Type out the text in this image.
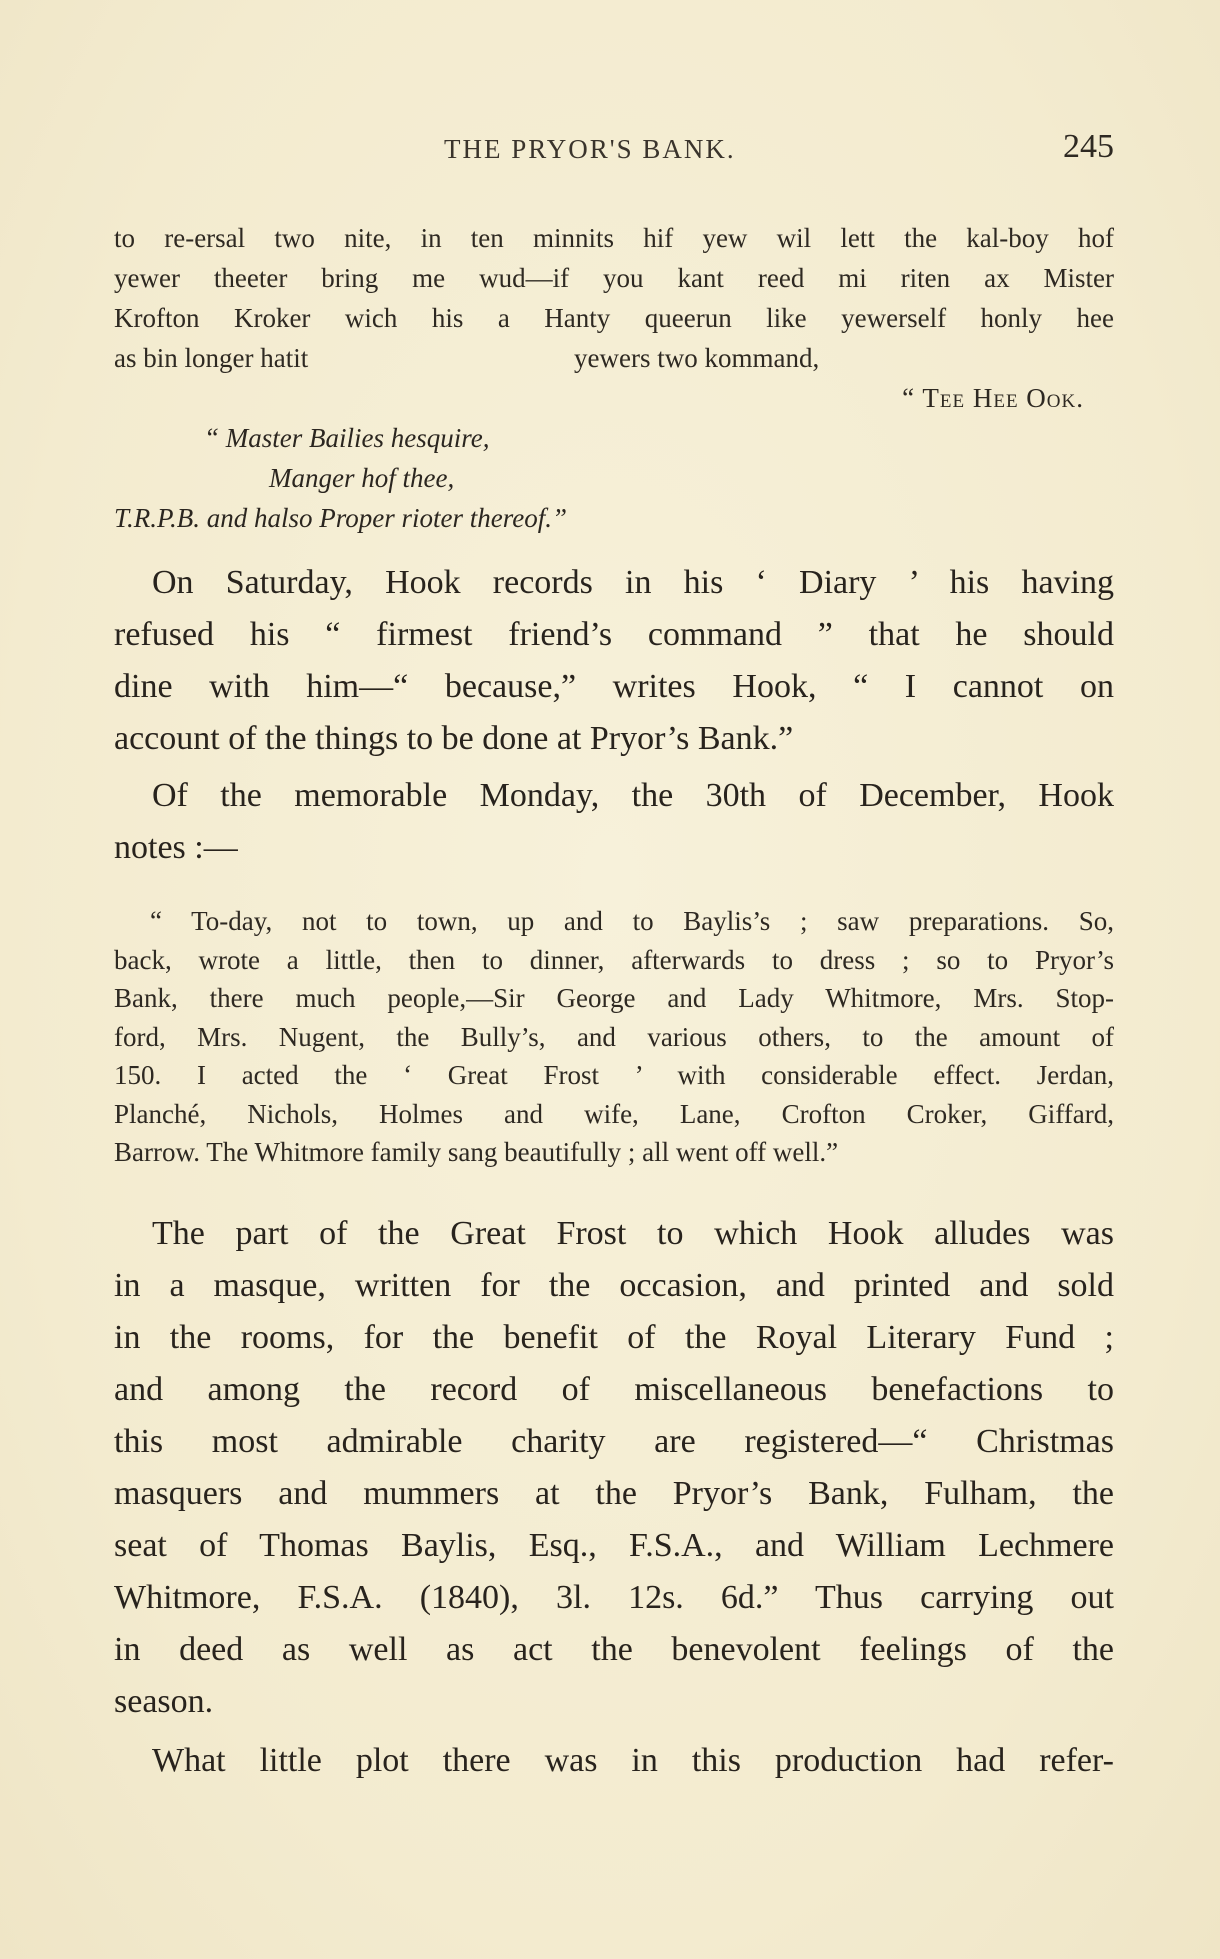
THE PRYOR'S BANK.	245
to re-ersal two nite, in ten minnits hif yew wil lett the kal-boy hof
yewer theeter bring me wud—if you kant reed mi riten ax Mister
Krofton Kroker wich his a Hanty queerun like yewerself honly hee
as bin longer hatit	yewers two kommand,
“ Tee Hee Ook.
“ Master Bailies hesquire,
Manger hof thee,
T.R.P.B. and halso Proper rioter thereof.”
On Saturday, Hook records in his ‘ Diary ’ his having
refused his “ firmest friend’s command ” that he should
dine with him—“ because,” writes Hook, “ I cannot on
account of the things to be done at Pryor’s Bank.”
Of the memorable Monday, the 30th of December, Hook
notes :—
“ To-day, not to town, up and to Baylis’s ; saw preparations. So,
back, wrote a little, then to dinner, afterwards to dress ; so to Pryor’s
Bank, there much people,—Sir George and Lady Whitmore, Mrs. Stop-
ford, Mrs. Nugent, the Bully’s, and various others, to the amount of
150. I acted the ‘ Great Frost ’ with considerable effect. Jerdan,
Planché, Nichols, Holmes and wife, Lane, Crofton Croker, Giffard,
Barrow. The Whitmore family sang beautifully ; all went off well.”
The part of the Great Frost to which Hook alludes was
in a masque, written for the occasion, and printed and sold
in the rooms, for the benefit of the Royal Literary Fund ;
and among the record of miscellaneous benefactions to
this most admirable charity are registered—“ Christmas
masquers and mummers at the Pryor’s Bank, Fulham, the
seat of Thomas Baylis, Esq., F.S.A., and William Lechmere
Whitmore, F.S.A. (1840), 3l. 12s. 6d.” Thus carrying out
in deed as well as act the benevolent feelings of the
season.
What little plot there was in this production had refer-
